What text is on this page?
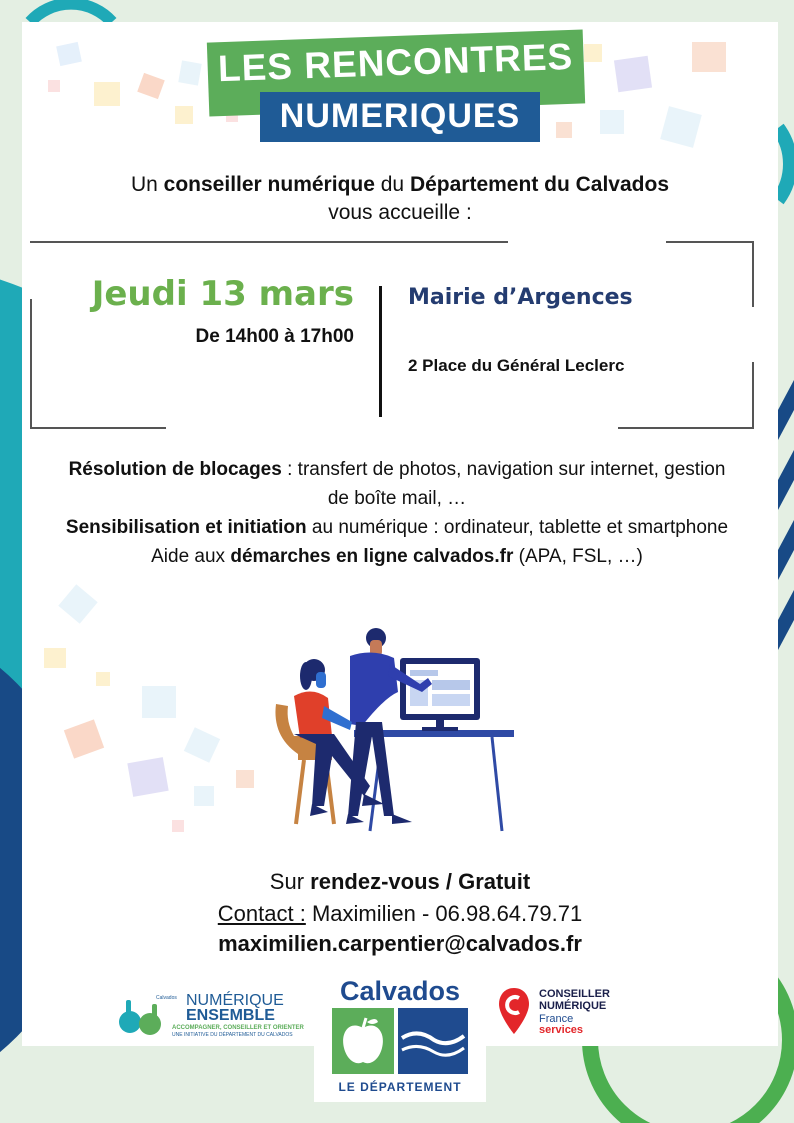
LES RENCONTRES
NUMERIQUES
Un conseiller numérique du Département du Calvados
vous accueille :
Jeudi 13 mars
De 14h00 à 17h00
Mairie d’Argences
2 Place du Général Leclerc
Résolution de blocages : transfert de photos, navigation sur internet, gestion
de boîte mail, …
Sensibilisation et initiation au numérique : ordinateur, tablette et smartphone
Aide aux démarches en ligne calvados.fr (APA, FSL, …)
Sur rendez-vous / Gratuit
Contact : Maximilien - 06.98.64.79.71
maximilien.carpentier@calvados.fr
Calvados NUMÉRIQUE
ENSEMBLE
ACCOMPAGNER, CONSEILLER ET ORIENTER
UNE INITIATIVE DU DÉPARTEMENT DU CALVADOS
Calvados
LE DÉPARTEMENT
CONSEILLER
NUMÉRIQUE
France
services
